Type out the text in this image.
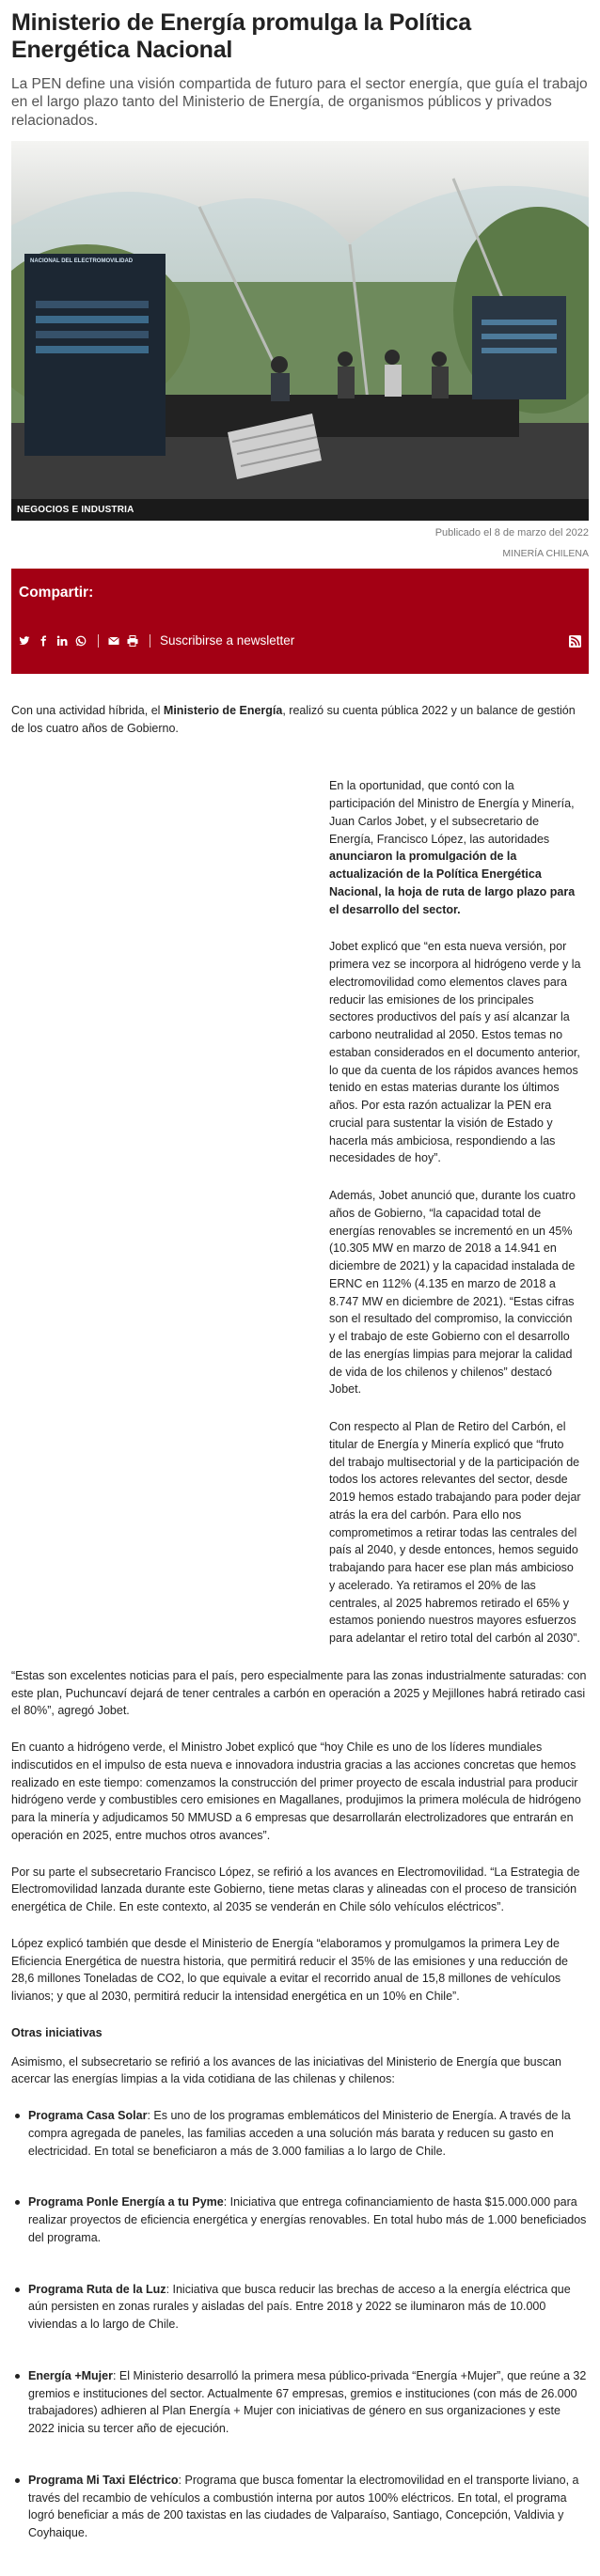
Ministerio de Energía promulga la Política Energética Nacional

La PEN define una visión compartida de futuro para el sector energía, que guía el trabajo en el largo plazo tanto del Ministerio de Energía, de organismos públicos y privados relacionados.

NEGOCIOS E INDUSTRIA
NACIONAL DEL ELECTROMOVILIDAD
Publicado el 8 de marzo del 2022
MINERÍA CHILENA
Compartir:
Suscribirse a newsletter

Con una actividad híbrida, el Ministerio de Energía, realizó su cuenta pública 2022 y un balance de gestión de los cuatro años de Gobierno.

En la oportunidad, que contó con la participación del Ministro de Energía y Minería, Juan Carlos Jobet, y el subsecretario de Energía, Francisco López, las autoridades anunciaron la promulgación de la actualización de la Política Energética Nacional, la hoja de ruta de largo plazo para el desarrollo del sector.

Jobet explicó que “en esta nueva versión, por primera vez se incorpora al hidrógeno verde y la electromovilidad como elementos claves para reducir las emisiones de los principales sectores productivos del país y así alcanzar la carbono neutralidad al 2050. Estos temas no estaban considerados en el documento anterior, lo que da cuenta de los rápidos avances hemos tenido en estas materias durante los últimos años. Por esta razón actualizar la PEN era crucial para sustentar la visión de Estado y hacerla más ambiciosa, respondiendo a las necesidades de hoy”.

Además, Jobet anunció que, durante los cuatro años de Gobierno, “la capacidad total de energías renovables se incrementó en un 45% (10.305 MW en marzo de 2018 a 14.941 en diciembre de 2021) y la capacidad instalada de ERNC en 112% (4.135 en marzo de 2018 a 8.747 MW en diciembre de 2021). “Estas cifras son el resultado del compromiso, la convicción y el trabajo de este Gobierno con el desarrollo de las energías limpias para mejorar la calidad de vida de los chilenos y chilenos” destacó Jobet.

Con respecto al Plan de Retiro del Carbón, el titular de Energía y Minería explicó que “fruto del trabajo multisectorial y de la participación de todos los actores relevantes del sector, desde 2019 hemos estado trabajando para poder dejar atrás la era del carbón. Para ello nos comprometimos a retirar todas las centrales del país al 2040, y desde entonces, hemos seguido trabajando para hacer ese plan más ambicioso y acelerado. Ya retiramos el 20% de las centrales, al 2025 habremos retirado el 65% y estamos poniendo nuestros mayores esfuerzos para adelantar el retiro total del carbón al 2030”.

“Estas son excelentes noticias para el país, pero especialmente para las zonas industrialmente saturadas: con este plan, Puchuncaví dejará de tener centrales a carbón en operación a 2025 y Mejillones habrá retirado casi el 80%”, agregó Jobet.

En cuanto a hidrógeno verde, el Ministro Jobet explicó que “hoy Chile es uno de los líderes mundiales indiscutidos en el impulso de esta nueva e innovadora industria gracias a las acciones concretas que hemos realizado en este tiempo: comenzamos la construcción del primer proyecto de escala industrial para producir hidrógeno verde y combustibles cero emisiones en Magallanes, produjimos la primera molécula de hidrógeno para la minería y adjudicamos 50 MMUSD a 6 empresas que desarrollarán electrolizadores que entrarán en operación en 2025, entre muchos otros avances”.

Por su parte el subsecretario Francisco López, se refirió a los avances en Electromovilidad. “La Estrategia de Electromovilidad lanzada durante este Gobierno, tiene metas claras y alineadas con el proceso de transición energética de Chile. En este contexto, al 2035 se venderán en Chile sólo vehículos eléctricos”.

López explicó también que desde el Ministerio de Energía “elaboramos y promulgamos la primera Ley de Eficiencia Energética de nuestra historia, que permitirá reducir el 35% de las emisiones y una reducción de 28,6 millones Toneladas de CO2, lo que equivale a evitar el recorrido anual de 15,8 millones de vehículos livianos; y que al 2030, permitirá reducir la intensidad energética en un 10% en Chile”.

Otras iniciativas

Asimismo, el subsecretario se refirió a los avances de las iniciativas del Ministerio de Energía que buscan acercar las energías limpias a la vida cotidiana de las chilenas y chilenos:

Programa Casa Solar: Es uno de los programas emblemáticos del Ministerio de Energía. A través de la compra agregada de paneles, las familias acceden a una solución más barata y reducen su gasto en electricidad. En total se beneficiaron a más de 3.000 familias a lo largo de Chile.
Programa Ponle Energía a tu Pyme: Iniciativa que entrega cofinanciamiento de hasta $15.000.000 para realizar proyectos de eficiencia energética y energías renovables. En total hubo más de 1.000 beneficiados del programa.
Programa Ruta de la Luz: Iniciativa que busca reducir las brechas de acceso a la energía eléctrica que aún persisten en zonas rurales y aisladas del país. Entre 2018 y 2022 se iluminaron más de 10.000 viviendas a lo largo de Chile.
Energía +Mujer: El Ministerio desarrolló la primera mesa público-privada “Energía +Mujer”, que reúne a 32 gremios e instituciones del sector. Actualmente 67 empresas, gremios e instituciones (con más de 26.000 trabajadores) adhieren al Plan Energía + Mujer con iniciativas de género en sus organizaciones y este 2022 inicia su tercer año de ejecución.
Programa Mi Taxi Eléctrico: Programa que busca fomentar la electromovilidad en el transporte liviano, a través del recambio de vehículos a combustión interna por autos 100% eléctricos. En total, el programa logró beneficiar a más de 200 taxistas en las ciudades de Valparaíso, Santiago, Concepción, Valdivia y Coyhaique.
